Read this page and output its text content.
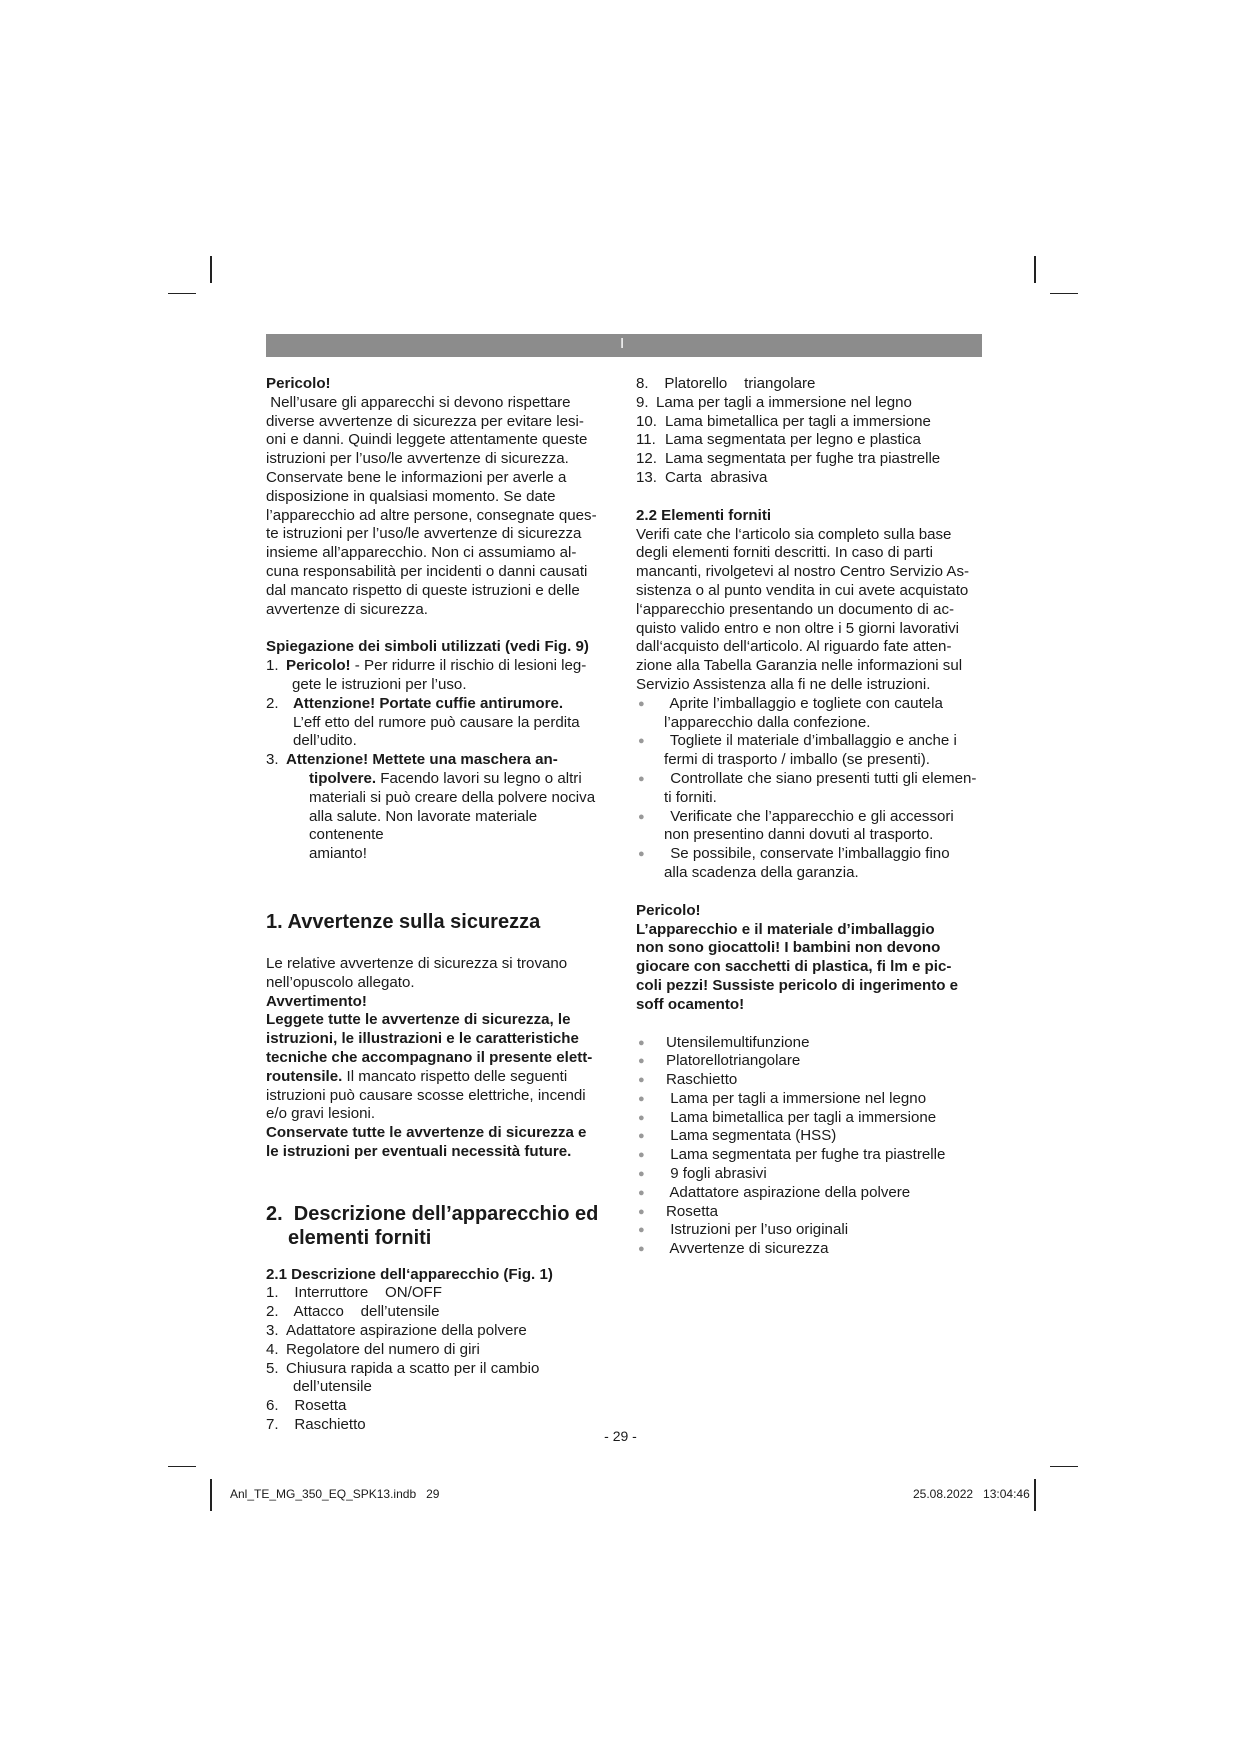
I

Pericolo!

Nell’usare gli apparecchi si devono rispettare

diverse avvertenze di sicurezza per evitare lesi-

oni e danni. Quindi leggete attentamente queste

istruzioni per l’uso/le avvertenze di sicurezza.

Conservate bene le informazioni per averle a

disposizione in qualsiasi momento. Se date

l’apparecchio ad altre persone, consegnate ques-

te istruzioni per l’uso/le avvertenze di sicurezza

insieme all’apparecchio. Non ci assumiamo al-

cuna responsabilità per incidenti o danni causati

dal mancato rispetto di queste istruzioni e delle

avvertenze di sicurezza.

Spiegazione dei simboli utilizzati (vedi Fig. 9)

1. Pericolo! - Per ridurre il rischio di lesioni leg-

gete le istruzioni per l’uso.

2. Attenzione! Portate cuffie antirumore.

L’eff etto del rumore può causare la perdita

dell’udito.

3. Attenzione! Mettete una maschera an-

tipolvere. Facendo lavori su legno o altri

materiali si può creare della polvere nociva

alla salute. Non lavorate materiale contenente

amianto!

1. Avvertenze sulla sicurezza

Le relative avvertenze di sicurezza si trovano

nell’opuscolo allegato.

Avvertimento!

Leggete tutte le avvertenze di sicurezza, le

istruzioni, le illustrazioni e le caratteristiche

tecniche che accompagnano il presente elett-

routensile. Il mancato rispetto delle seguenti

istruzioni può causare scosse elettriche, incendi

e/o gravi lesioni.

Conservate tutte le avvertenze di sicurezza e

le istruzioni per eventuali necessità future.

2.  Descrizione dell’apparecchio ed

elementi forniti

2.1 Descrizione dell‘apparecchio (Fig. 1)

1. Interruttore    ON/OFF
2. Attacco    dell’utensile
3. Adattatore aspirazione della polvere
4. Regolatore del numero di giri
5. Chiusura rapida a scatto per il cambio
dell’utensile
6. Rosetta
7. Raschietto
8. Platorello    triangolare
9. Lama per tagli a immersione nel legno
10. Lama bimetallica per tagli a immersione
11. Lama segmentata per legno e plastica
12. Lama segmentata per fughe tra piastrelle
13. Carta  abrasiva

2.2 Elementi forniti

Verifi cate che l‘articolo sia completo sulla base

degli elementi forniti descritti. In caso di parti

mancanti, rivolgetevi al nostro Centro Servizio As-

sistenza o al punto vendita in cui avete acquistato

l‘apparecchio presentando un documento di ac-

quisto valido entro e non oltre i 5 giorni lavorativi

dall‘acquisto dell‘articolo. Al riguardo fate atten-

zione alla Tabella Garanzia nelle informazioni sul

Servizio Assistenza alla fi ne delle istruzioni.

●	Aprite l’imballaggio e togliete con cautela

l’apparecchio dalla confezione.

●	Togliete il materiale d’imballaggio e anche i

fermi di trasporto / imballo (se presenti).

●	Controllate che siano presenti tutti gli elemen-

ti forniti.

●	Verificate che l’apparecchio e gli accessori

non presentino danni dovuti al trasporto.

●	Se possibile, conservate l’imballaggio fino

alla scadenza della garanzia.

Pericolo!

L’apparecchio e il materiale d’imballaggio

non sono giocattoli! I bambini non devono

giocare con sacchetti di plastica, fi lm e pic-

coli pezzi! Sussiste pericolo di ingerimento e

soff ocamento!

●	Utensilemultifunzione
●	Platorellotriangolare
●	Raschietto
●	Lama per tagli a immersione nel legno
●	Lama bimetallica per tagli a immersione
●	Lama segmentata (HSS)
●	Lama segmentata per fughe tra piastrelle
●	9 fogli abrasivi
●	Adattatore aspirazione della polvere
●	Rosetta
●	Istruzioni per l’uso originali
●	Avvertenze di sicurezza
- 29 -
Anl_TE_MG_350_EQ_SPK13.indb   29	25.08.2022   13:04:46
